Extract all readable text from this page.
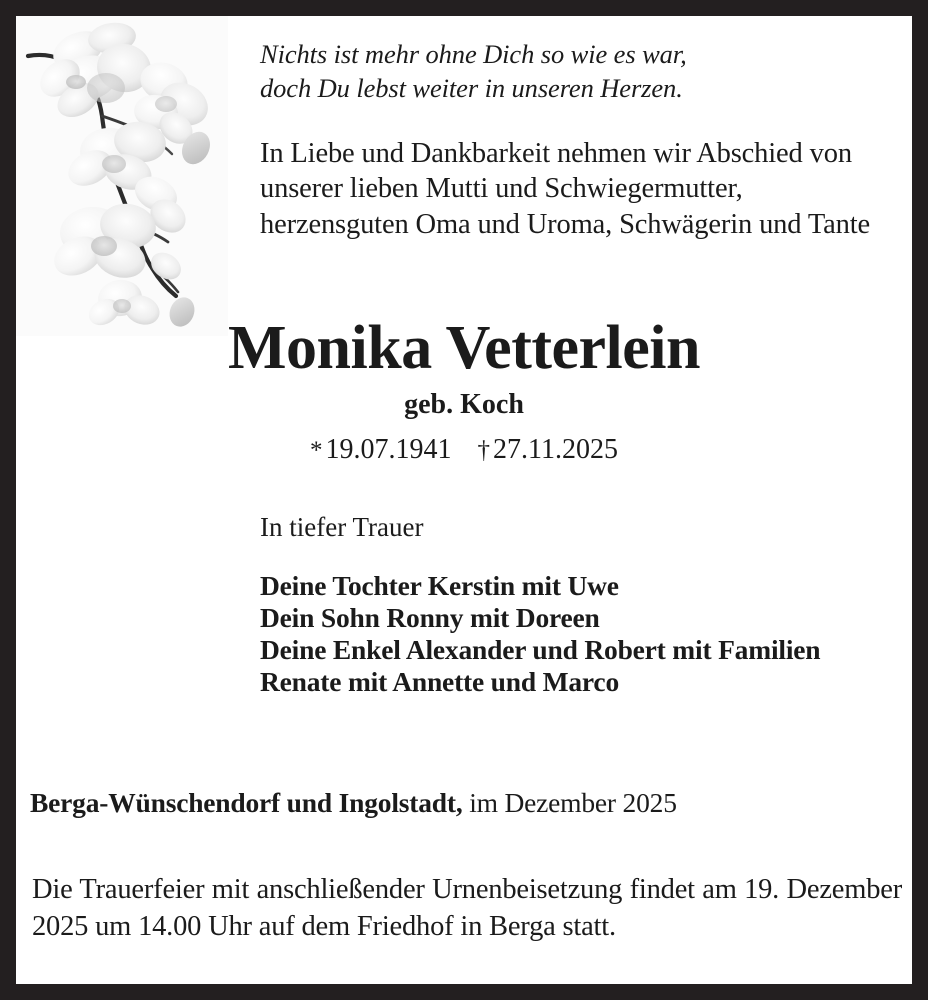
Nichts ist mehr ohne Dich so wie es war,
doch Du lebst weiter in unseren Herzen.

In Liebe und Dankbarkeit nehmen wir Abschied von unserer lieben Mutti und Schwiegermutter, herzensguten Oma und Uroma, Schwägerin und Tante

Monika Vetterlein

geb. Koch

* 19.07.1941 † 27.11.2025

In tiefer Trauer

Deine Tochter Kerstin mit Uwe
Dein Sohn Ronny mit Doreen
Deine Enkel Alexander und Robert mit Familien
Renate mit Annette und Marco

Berga-Wünschendorf und Ingolstadt, im Dezember 2025

Die Trauerfeier mit anschließender Urnenbeisetzung findet am 19. Dezember 2025 um 14.00 Uhr auf dem Friedhof in Berga statt.
